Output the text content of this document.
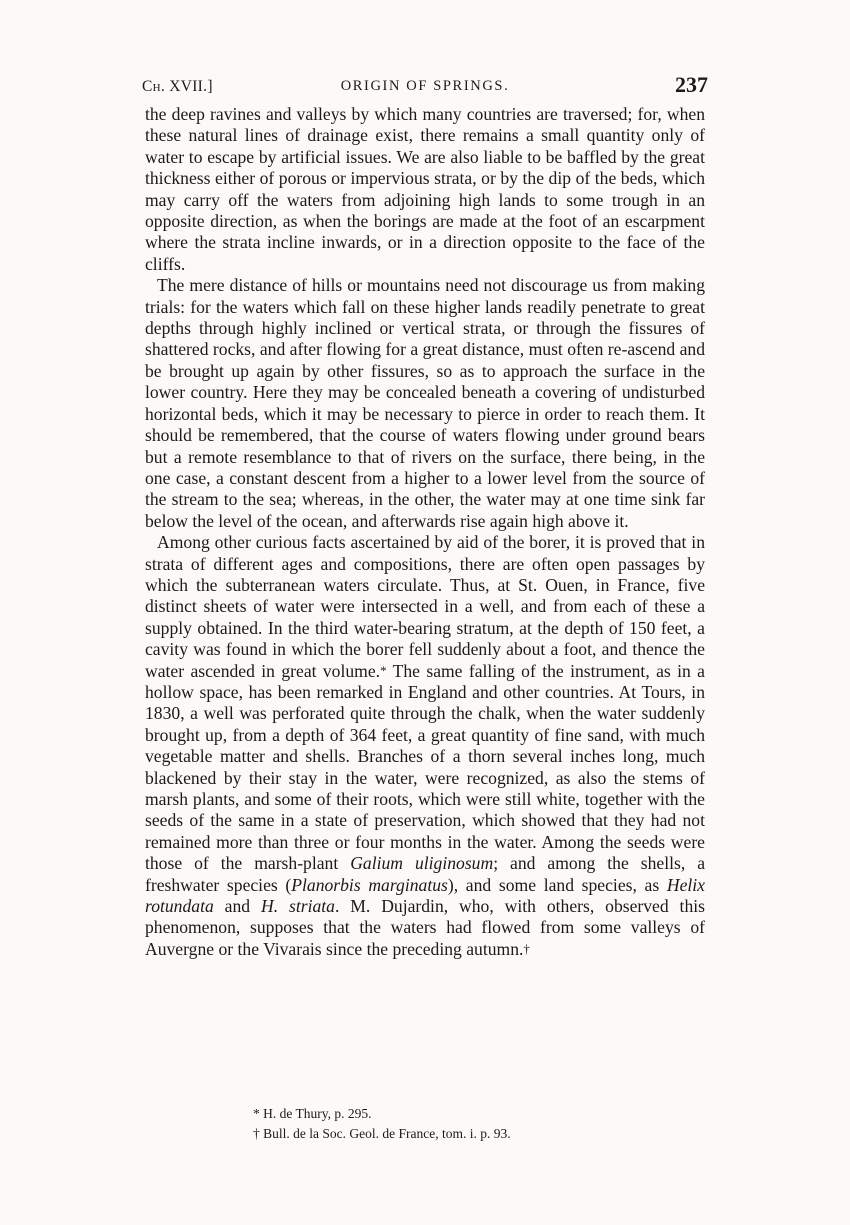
Ch. XVII.]	ORIGIN OF SPRINGS.	237

the deep ravines and valleys by which many countries are traversed; for, when these natural lines of drainage exist, there remains a small quantity only of water to escape by artificial issues. We are also liable to be baffled by the great thickness either of porous or impervious strata, or by the dip of the beds, which may carry off the waters from adjoining high lands to some trough in an opposite direction, as when the borings are made at the foot of an escarpment where the strata incline inwards, or in a direction opposite to the face of the cliffs.

The mere distance of hills or mountains need not discourage us from making trials: for the waters which fall on these higher lands readily penetrate to great depths through highly inclined or vertical strata, or through the fissures of shattered rocks, and after flowing for a great distance, must often re-ascend and be brought up again by other fissures, so as to approach the surface in the lower country. Here they may be concealed beneath a covering of undisturbed horizontal beds, which it may be necessary to pierce in order to reach them. It should be remembered, that the course of waters flowing under ground bears but a remote resemblance to that of rivers on the surface, there being, in the one case, a constant descent from a higher to a lower level from the source of the stream to the sea; whereas, in the other, the water may at one time sink far below the level of the ocean, and afterwards rise again high above it.

Among other curious facts ascertained by aid of the borer, it is proved that in strata of different ages and compositions, there are often open passages by which the subterranean waters circulate. Thus, at St. Ouen, in France, five distinct sheets of water were intersected in a well, and from each of these a supply obtained. In the third water-bearing stratum, at the depth of 150 feet, a cavity was found in which the borer fell suddenly about a foot, and thence the water ascended in great volume.* The same falling of the instrument, as in a hollow space, has been remarked in England and other countries. At Tours, in 1830, a well was perforated quite through the chalk, when the water suddenly brought up, from a depth of 364 feet, a great quantity of fine sand, with much vegetable matter and shells. Branches of a thorn several inches long, much blackened by their stay in the water, were recognized, as also the stems of marsh plants, and some of their roots, which were still white, together with the seeds of the same in a state of preservation, which showed that they had not remained more than three or four months in the water. Among the seeds were those of the marsh-plant Galium uliginosum; and among the shells, a freshwater species (Planorbis marginatus), and some land species, as Helix rotundata and H. striata. M. Dujardin, who, with others, observed this phenomenon, supposes that the waters had flowed from some valleys of Auvergne or the Vivarais since the preceding autumn.†

* H. de Thury, p. 295.
† Bull. de la Soc. Geol. de France, tom. i. p. 93.
